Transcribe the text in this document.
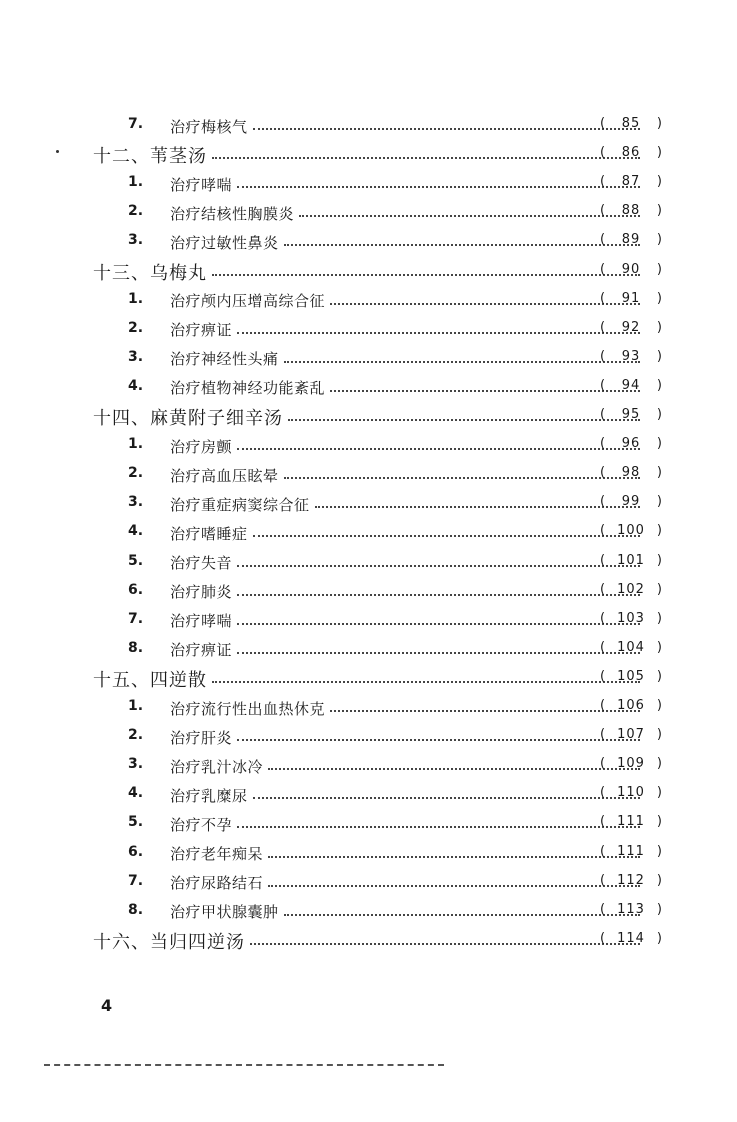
7.	治疗梅核气	(	85	)
十二、苇茎汤	(	86	)
1.	治疗哮喘	(	87	)
2.	治疗结核性胸膜炎	(	88	)
3.	治疗过敏性鼻炎	(	89	)
十三、乌梅丸	(	90	)
1.	治疗颅内压增高综合征	(	91	)
2.	治疗痹证	(	92	)
3.	治疗神经性头痛	(	93	)
4.	治疗植物神经功能紊乱	(	94	)
十四、麻黄附子细辛汤	(	95	)
1.	治疗房颤	(	96	)
2.	治疗高血压眩晕	(	98	)
3.	治疗重症病窦综合征	(	99	)
4.	治疗嗜睡症	( 100 )
5.	治疗失音	( 101 )
6.	治疗肺炎	( 102 )
7.	治疗哮喘	( 103 )
8.	治疗痹证	( 104 )
十五、四逆散	( 105 )
1.	治疗流行性出血热休克	( 106 )
2.	治疗肝炎	( 107 )
3.	治疗乳汁冰冷	( 109 )
4.	治疗乳糜尿	( 110 )
5.	治疗不孕	( 111 )
6.	治疗老年痴呆	( 111 )
7.	治疗尿路结石	( 112 )
8.	治疗甲状腺囊肿	( 113 )
十六、当归四逆汤	( 114 )
4
